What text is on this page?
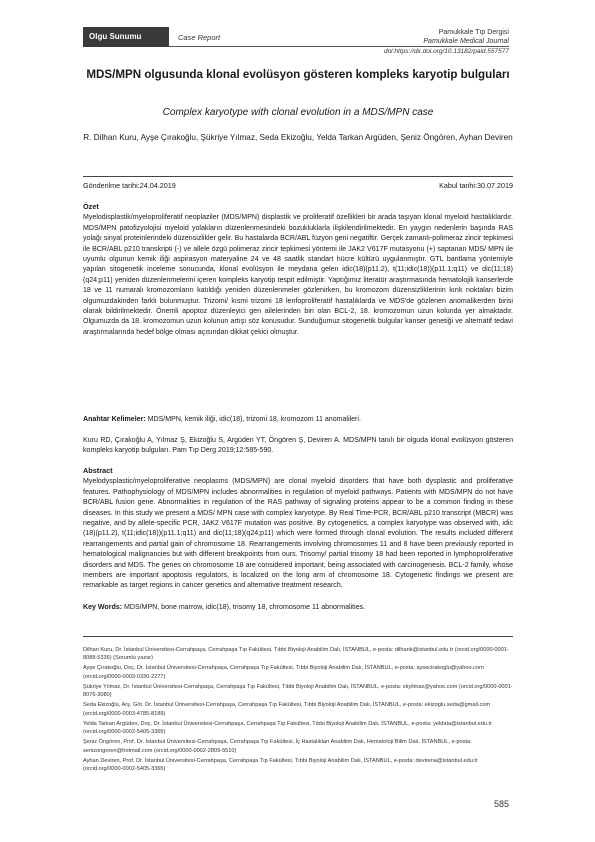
Olgu Sunumu	Case Report
Pamukkale Tıp Dergisi
Pamukkale Medical Journal
doi:https://dx.doi.org/10.13182/paid.557577
MDS/MPN olgusunda klonal evolüsyon gösteren kompleks karyotip bulguları
Complex karyotype with clonal evolution in a MDS/MPN case
R. Dilhan Kuru, Ayşe Çırakoğlu, Şükriye Yılmaz, Seda Ekizoğlu, Yelda Tarkan Argüden, Şeniz Öngören, Ayhan Deviren
Gönderilme tarihi:24.04.2019	Kabul tarihi:30.07.2019
Özet

Myelodisplastik/myeloproliferatif neoplaziler (MDS/MPN) displastik ve proliferatif özellikleri bir arada taşıyan klonal myeloid hastalıklardır. MDS/MPN patofizyolojisi myeloid yolakların düzenlenmesindeki bozukluklarla ilişkilendirilmektedir. En yaygın nedenlerin başında RAS yolağı sinyal proteinlerindeki düzensizlikler gelir. Bu hastalarda BCR/ABL füzyon geni negatiftir. Gerçek zamanlı-polimeraz zincir tepkimesi ile BCR/ABL p210 transkripti (-) ve allele özgü polimeraz zincir tepkimesi yöntemi ile JAK2 V617F mutasyonu (+) saptanan MDS/ MPN ile uyumlu olgunun kemik iliği aspirasyon materyaline 24 ve 48 saatlik standart hücre kültürü uygulanmıştır. GTL bantlama yöntemiyle yapılan sitogenetik inceleme sonucunda, klonal evolüsyon ile meydana gelen idic(18)(p11.2), t(11;idic(18))(p11.1;q11) ve dic(11;18)(q24;p11) yeniden düzenlenmelerini içeren kompleks karyotip tespit edilmiştir. Yaptığımız literatür araştırmasında hematolojik kanserlerde 18 ve 11 numaralı kromozomların katıldığı yeniden düzenlenmeler gözlenirken, bu kromozom düzensizliklerinin kırık noktaları bizim olgumuzdakinden farklı bulunmuştur. Trizomi/ kısmi trizomi 18 lenfoproliferatif hastalıklarda ve MDS'de gözlenen anomalikerden birisi olarak bildirilmektedir. Önemli apoptoz düzenleyici gen ailelerinden biri olan BCL-2, 18. kromozomun uzun kolunda yer almaktadır. Olgumuzda da 18. kromozomun uzun kolunun artışı söz konusudur. Sunduğumuz sitogenetik bulgular kanser genetiği ve alternatif tedavi araştırmalarında hedef bölge olması açısından dikkat çekici olmuştur.

Anahtar Kelimeler: MDS/MPN, kemik iliği, idic(18), trizomi 18, kromozom 11 anomalileri.

Kuru RD, Çırakoğlu A, Yılmaz Ş, Ekizoğlu S, Argüden YT, Öngören Ş, Deviren A. MDS/MPN tanılı bir olguda klonal evolüsyon gösteren kompleks karyotip bulguları. Pam Tıp Derg 2019;12:585-590.

Abstract

Myelodysplastic/myeloproliferative neoplasms (MDS/MPN) are clonal myeloid disorders that have both dysplastic and proliferative features. Pathophysiology of MDS/MPN includes abnormalities in regulation of myeloid pathways. Patients with MDS/MPN do not have BCR/ABL fusion gene. Abnormalities in regulation of the RAS pathway of signaling proteins appear to be a common finding in these diseases. In this study we present a MDS/ MPN case with complex karyotype. By Real Time-PCR, BCR/ABL p210 transcript (MBCR) was negative, and by allele-specific PCR, JAK2 V617F mutation was positive. By cytogenetics, a complex karyotype was observed with, idic (18)(p11.2), t(11;idic(18))(p11.1;q11) and dic(11;18)(q24;p11) which were formed through clonal evolution. The results included different rearrangements and partial gain of chromosome 18. Rearrangements involving chromosomes 11 and 8 have been previously reported in hematological malignancies but with different breakpoints from ours. Trisomy/ partial trisomy 18 had been reported in lymphoproliferative disorders and MDS. The genes on chromosome 18 are considered important, being associated with carcinogenesis. BCL-2 family, whose members are important apoptosis regulators, is localized on the long arm of chromosome 18. Cytogenetic findings we present are remarkable as target regions in cancer genetics and alternative treatment research.

Key Words: MDS/MPN, bone marrow, idic(18), trisomy 18, chromosome 11 abnormalities.

Dilhan Kuru, Dr. İstanbul Üniversitesi-Cerrahpaşa, Cerrahpaşa Tıp Fakültesi, Tıbbi Biyoloji Anabilim Dalı, İSTANBUL, e-posta: dilhank@istanbul.edu.tr (orcid.org/0000-0001-8088-5336) (Sorumlu yazar)

Ayşe Çırakoğlu, Doç. Dr. İstanbul Üniversitesi-Cerrahpaşa, Cerrahpaşa Tıp Fakültesi, Tıbbi Biyoloji Anabilim Dalı, İSTANBUL, e-posta: aysecirakoglu@yahoo.com (orcid.org/0000-0003-0330-2277)

Şükriye Yılmaz, Dr. İstanbul Üniversitesi-Cerrahpaşa, Cerrahpaşa Tıp Fakültesi, Tıbbi Biyoloji Anabilim Dalı, İSTANBUL, e-posta: skyilmaz@yahoo.com (orcid.org/0000-0001-8076-3080)

Seda Ekizoğlu, Arş. Gör. Dr. İstanbul Üniversitesi-Cerrahpaşa, Cerrahpaşa Tıp Fakültesi, Tıbbi Biyoloji Anabilim Dalı, İSTANBUL, e-posta: ekizoglu.seda@gmail.com (orcid.org/0000-0003-4785-8189)

Yelda Tarkan Argüden, Doç. Dr. İstanbul Üniversitesi-Cerrahpaşa, Cerrahpaşa Tıp Fakültesi, Tıbbi Biyoloji Anabilim Dalı, İSTANBUL, e-posta: yeldata@istanbul.edu.tr (orcid.org/0000-0002-5405-3365)

Şeniz Öngören, Prof. Dr. İstanbul Üniversitesi-Cerrahpaşa, Cerrahpaşa Tıp Fakültesi, İç Hastalıkları Anabilim Dalı, Hematoloji Bilim Dalı, İSTANBUL, e-posta: senizongoren@hotmail.com (orcid.org/0000-0002-2809-5510)

Ayhan Deviren, Prof. Dr. İstanbul Üniversitesi-Cerrahpaşa, Cerrahpaşa Tıp Fakültesi, Tıbbi Biyoloji Anabilim Dalı, İSTANBUL, e-posta: devirena@istanbul.edu.tr (orcid.org/0000-0002-5405-3365)

585
